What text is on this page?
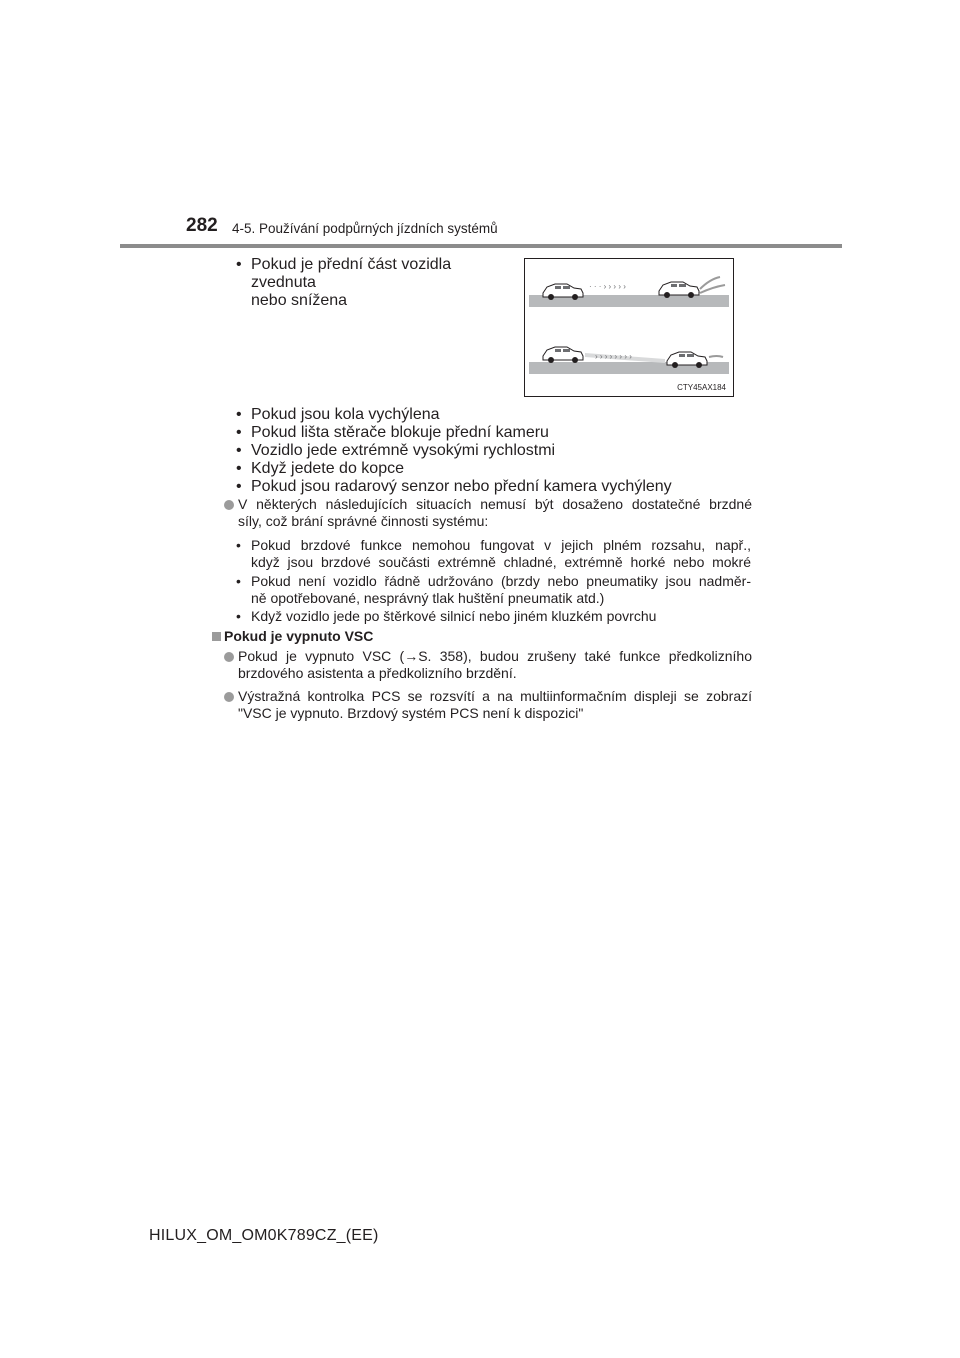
282 4-5. Používání podpůrných jízdních systémů
• Pokud je přední část vozidla zvednuta
nebo snížena
· · · › › › › ›
› › › › › › › ›
CTY45AX184
• Pokud jsou kola vychýlena
• Pokud lišta stěrače blokuje přední kameru
• Vozidlo jede extrémně vysokými rychlostmi
• Když jedete do kopce
• Pokud jsou radarový senzor nebo přední kamera vychýleny
V některých následujících situacích nemusí být dosaženo dostatečné brzdné
síly, což brání správné činnosti systému:
• Pokud brzdové funkce nemohou fungovat v jejich plném rozsahu, např.,
když jsou brzdové součásti extrémně chladné, extrémně horké nebo mokré
• Pokud není vozidlo řádně udržováno (brzdy nebo pneumatiky jsou nadměr-
ně opotřebované, nesprávný tlak huštění pneumatik atd.)
• Když vozidlo jede po štěrkové silnicí nebo jiném kluzkém povrchu
Pokud je vypnuto VSC
Pokud je vypnuto VSC (→S. 358), budou zrušeny také funkce předkolizního
brzdového asistenta a předkolizního brzdění.
Výstražná kontrolka PCS se rozsvítí a na multiinformačním displeji se zobrazí
"VSC je vypnuto. Brzdový systém PCS není k dispozici"
HILUX_OM_OM0K789CZ_(EE)
